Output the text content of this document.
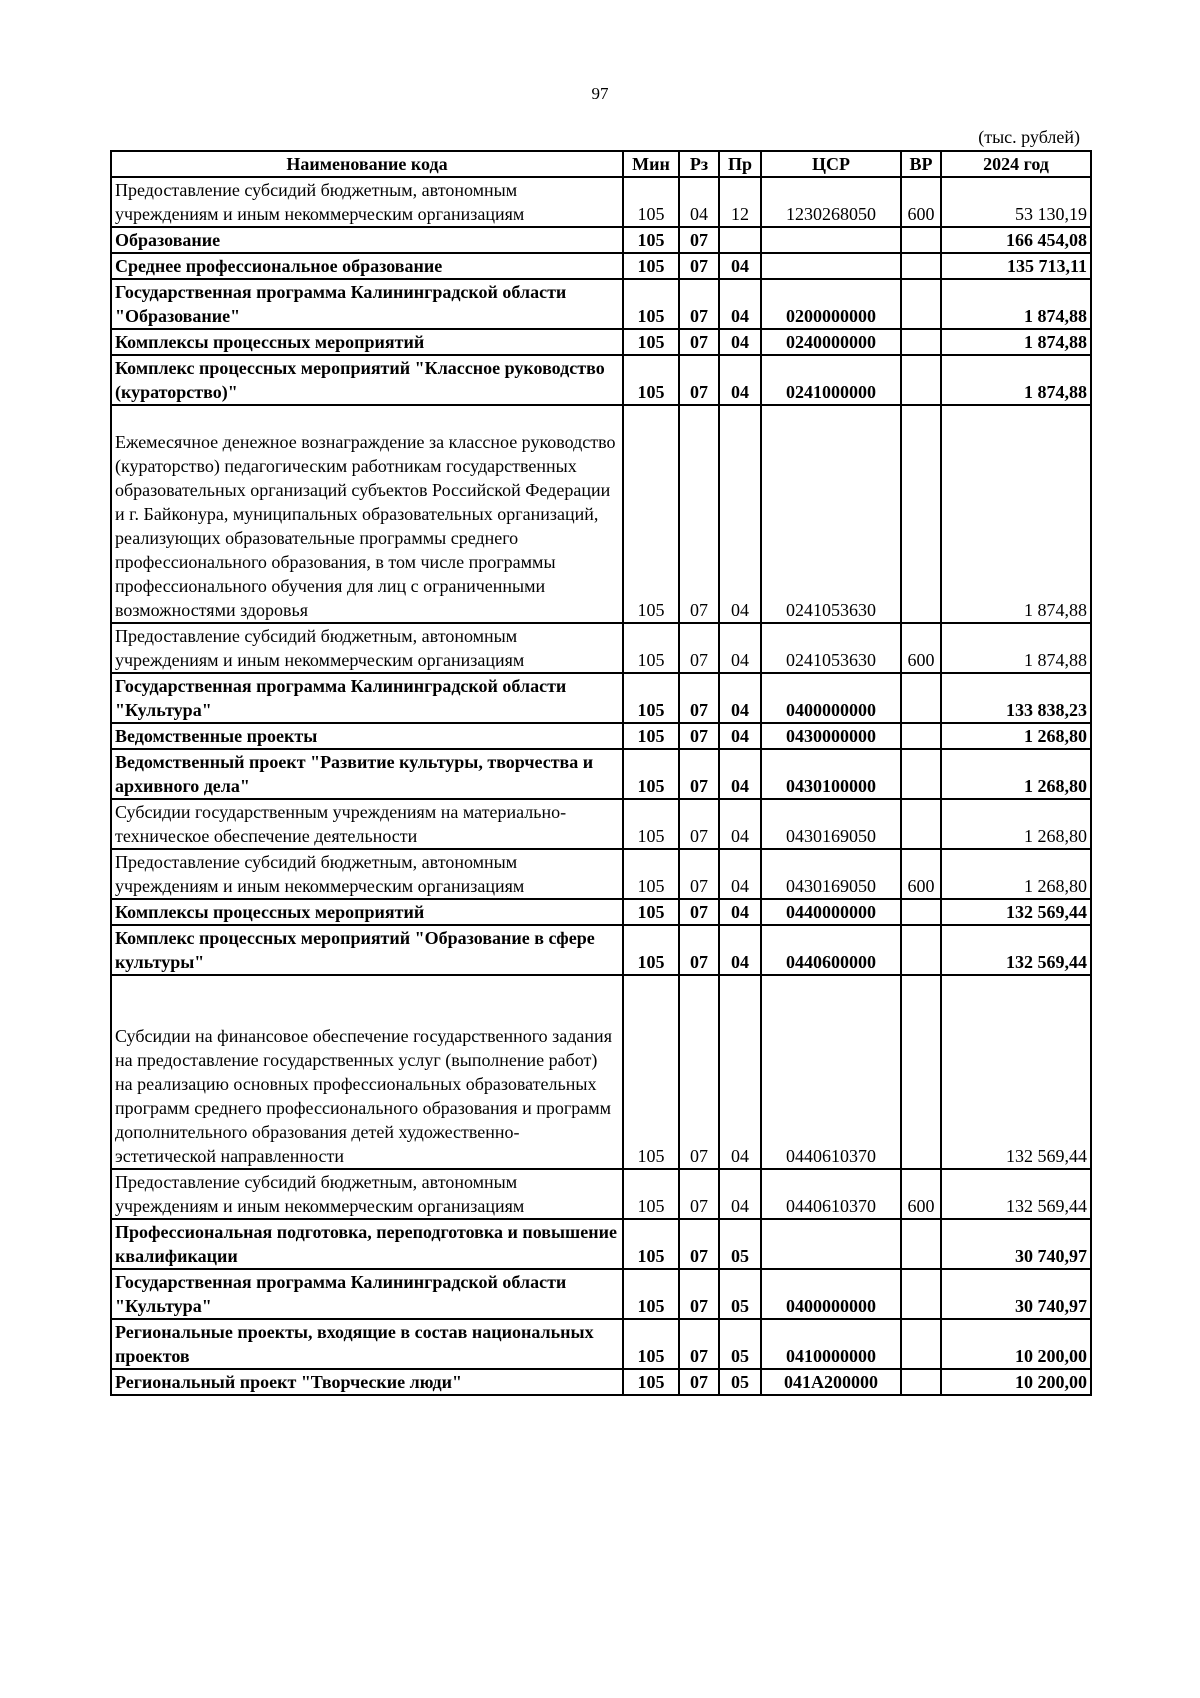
97
(тыс. рублей)
Наименование кода	Мин	Рз	Пр	ЦСР	ВР	2024 год
Предоставление субсидий бюджетным, автономным учреждениям и иным некоммерческим организациям	105	04	12	1230268050	600	53 130,19
Образование	105	07				166 454,08
Среднее профессиональное образование	105	07	04			135 713,11
Государственная программа Калининградской области "Образование"	105	07	04	0200000000		1 874,88
Комплексы процессных мероприятий	105	07	04	0240000000		1 874,88
Комплекс процессных мероприятий "Классное руководство (кураторство)"	105	07	04	0241000000		1 874,88
Ежемесячное денежное вознаграждение за классное руководство (кураторство) педагогическим работникам государственных образовательных организаций субъектов Российской Федерации и г. Байконура, муниципальных образовательных организаций, реализующих образовательные программы среднего профессионального образования, в том числе программы профессионального обучения для лиц с ограниченными возможностями здоровья	105	07	04	0241053630		1 874,88
Предоставление субсидий бюджетным, автономным учреждениям и иным некоммерческим организациям	105	07	04	0241053630	600	1 874,88
Государственная программа Калининградской области "Культура"	105	07	04	0400000000		133 838,23
Ведомственные проекты	105	07	04	0430000000		1 268,80
Ведомственный проект "Развитие культуры, творчества и архивного дела"	105	07	04	0430100000		1 268,80
Субсидии государственным учреждениям на материально-техническое обеспечение деятельности	105	07	04	0430169050		1 268,80
Предоставление субсидий бюджетным, автономным учреждениям и иным некоммерческим организациям	105	07	04	0430169050	600	1 268,80
Комплексы процессных мероприятий	105	07	04	0440000000		132 569,44
Комплекс процессных мероприятий "Образование в сфере культуры"	105	07	04	0440600000		132 569,44
Субсидии на финансовое обеспечение государственного задания на предоставление государственных услуг (выполнение работ) на реализацию основных профессиональных образовательных программ среднего профессионального образования и программ дополнительного образования детей художественно-эстетической направленности	105	07	04	0440610370		132 569,44
Предоставление субсидий бюджетным, автономным учреждениям и иным некоммерческим организациям	105	07	04	0440610370	600	132 569,44
Профессиональная подготовка, переподготовка и повышение квалификации	105	07	05			30 740,97
Государственная программа Калининградской области "Культура"	105	07	05	0400000000		30 740,97
Региональные проекты, входящие в состав национальных проектов	105	07	05	0410000000		10 200,00
Региональный проект "Творческие люди"	105	07	05	041А200000		10 200,00
